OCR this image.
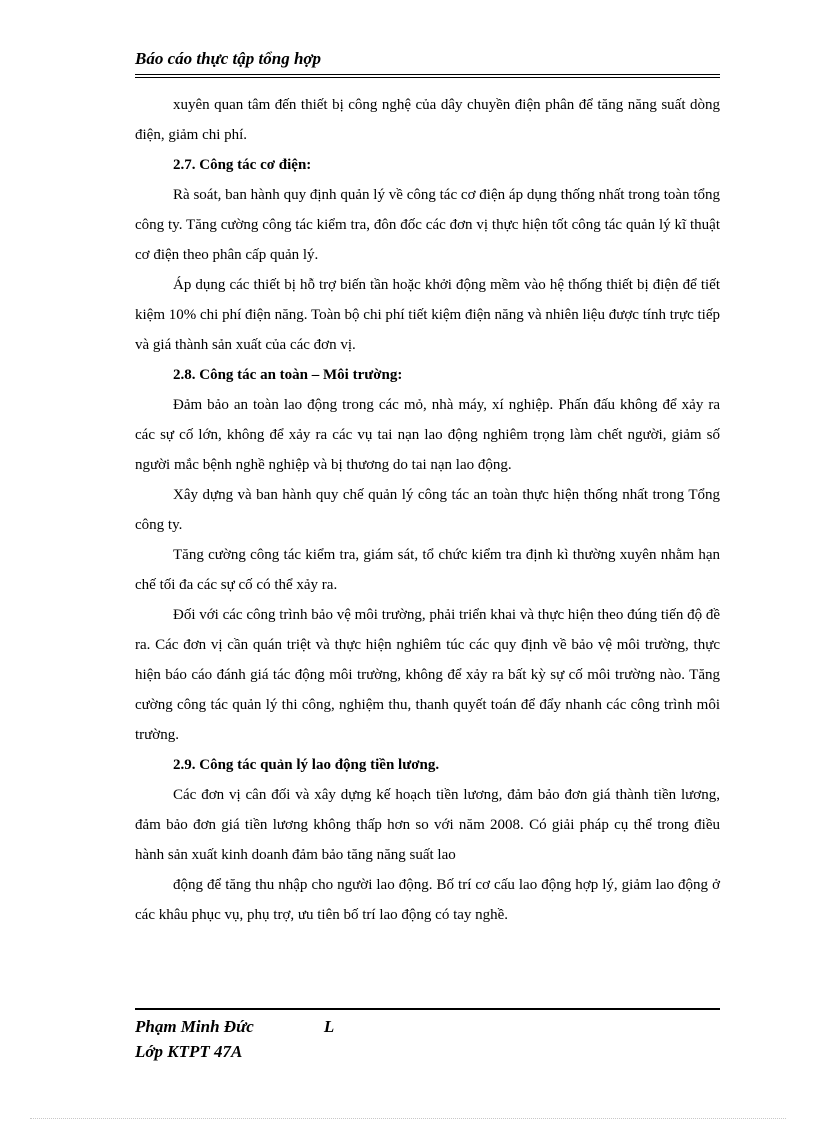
Báo cáo thực tập tổng hợp

xuyên quan tâm đến thiết bị công nghệ của dây chuyền điện phân để tăng năng suất dòng điện, giảm chi phí.

2.7. Công tác cơ điện:

Rà soát, ban hành quy định quản lý về công tác cơ điện áp dụng thống nhất trong toàn tổng công ty. Tăng cường công tác kiểm tra, đôn đốc các đơn vị thực hiện tốt công tác quản lý kĩ thuật cơ điện theo phân cấp quản lý.

Áp dụng các thiết bị hỗ trợ biến tần hoặc khởi động mềm vào hệ thống thiết bị điện để tiết kiệm 10% chi phí điện năng. Toàn bộ chi phí tiết kiệm điện năng và nhiên liệu được tính trực tiếp và giá thành sản xuất của các đơn vị.

2.8. Công tác an toàn – Môi trường:

Đảm bảo an toàn lao động trong các mỏ, nhà máy, xí nghiệp. Phấn đấu không để xảy ra các sự cố lớn, không để xảy ra các vụ tai nạn lao động nghiêm trọng làm chết người, giảm số người mắc bệnh nghề nghiệp và bị thương do tai nạn lao động.

Xây dựng và ban hành quy chế quản lý công tác an toàn thực hiện thống nhất trong Tổng công ty.

Tăng cường công tác kiểm tra, giám sát, tổ chức kiểm tra định kì thường xuyên nhằm hạn chế tối đa các sự cố có thể xảy ra.

Đối với các công trình bảo vệ môi trường, phải triển khai và thực hiện theo đúng tiến độ đề ra. Các đơn vị cần quán triệt và thực hiện nghiêm túc các quy định về bảo vệ môi trường, thực hiện báo cáo đánh giá tác động môi trường, không để xảy ra bất kỳ sự cố môi trường nào. Tăng cường công tác quản lý thi công, nghiệm thu, thanh quyết toán để đẩy nhanh các công trình môi trường.

2.9. Công tác quản lý lao động tiền lương.

Các đơn vị cân đối và xây dựng kế hoạch tiền lương, đảm bảo đơn giá thành tiền lương, đảm bảo đơn giá tiền lương không thấp hơn so với năm 2008. Có giải pháp cụ thể trong điều hành sản xuất kinh doanh đảm bảo tăng năng suất lao

động để tăng thu nhập cho người lao động. Bố trí cơ cấu lao động hợp lý, giảm lao động ở các khâu phục vụ, phụ trợ, ưu tiên bố trí lao động có tay nghề.

Phạm Minh Đức	L
Lớp KTPT 47A
